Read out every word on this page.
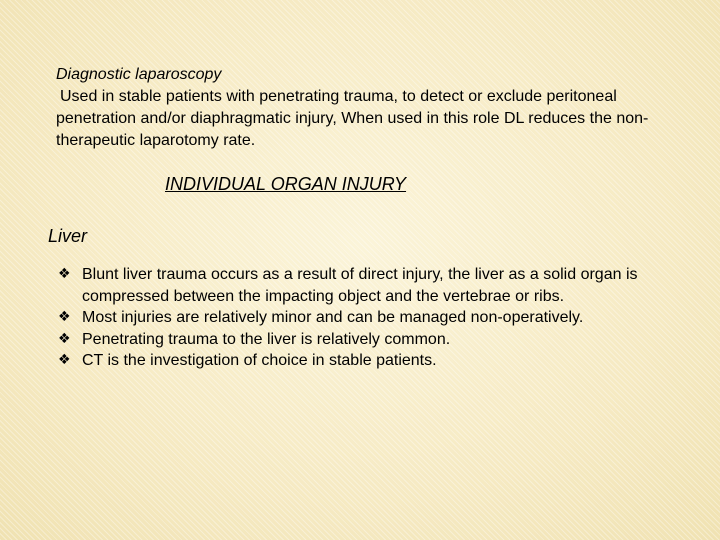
Diagnostic laparoscopy
Used in stable patients with penetrating trauma, to detect or exclude peritoneal penetration and/or diaphragmatic injury, When used in this role DL reduces the non-therapeutic laparotomy rate.
INDIVIDUAL ORGAN INJURY
Liver
❖ Blunt liver trauma occurs as a result of direct injury, the liver as a solid organ is compressed between the impacting object and the vertebrae or ribs.
❖ Most injuries are relatively minor and can be managed non-operatively.
❖ Penetrating trauma to the liver is relatively common.
❖ CT is the investigation of choice in stable patients.
